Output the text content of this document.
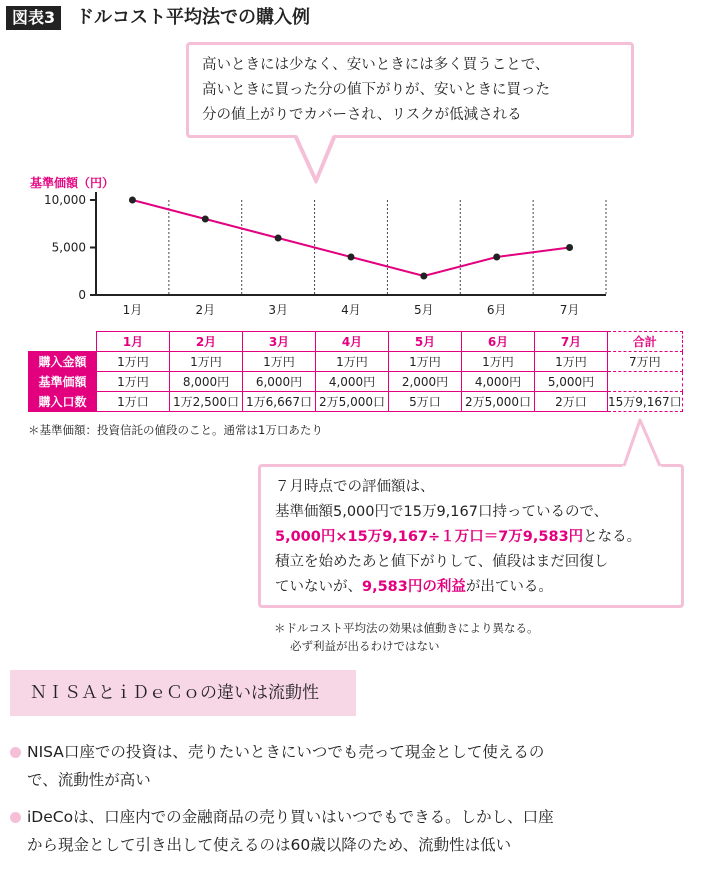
図表3	ドルコスト平均法での購入例
高いときには少なく、安いときには多く買うことで、
高いときに買った分の値下がりが、安いときに買った
分の値上がりでカバーされ、リスクが低減される
基準価額（円）
0
5,000
10,000
1月	2月	3月	4月	5月	6月	7月
	1月	2月	3月	4月	5月	6月	7月	合計
購入金額	1万円	1万円	1万円	1万円	1万円	1万円	1万円	7万円
基準価額	1万円	8,000円	6,000円	4,000円	2,000円	4,000円	5,000円	
購入口数	1万口	1万2,500口	1万6,667口	2万5,000口	5万口	2万5,000口	2万口	15万9,167口
＊基準価額：投資信託の値段のこと。通常は1万口あたり
７月時点での評価額は、
基準価額5,000円で15万9,167口持っているので、
5,000円×15万9,167÷１万口＝7万9,583円となる。
積立を始めたあと値下がりして、値段はまだ回復し
ていないが、9,583円の利益が出ている。
＊ドルコスト平均法の効果は値動きにより異なる。
必ず利益が出るわけではない
ＮＩＳＡとｉＤｅＣｏの違いは流動性
NISA口座での投資は、売りたいときにいつでも売って現金として使えるの
で、流動性が高い
iDeCoは、口座内での金融商品の売り買いはいつでもできる。しかし、口座
から現金として引き出して使えるのは60歳以降のため、流動性は低い
